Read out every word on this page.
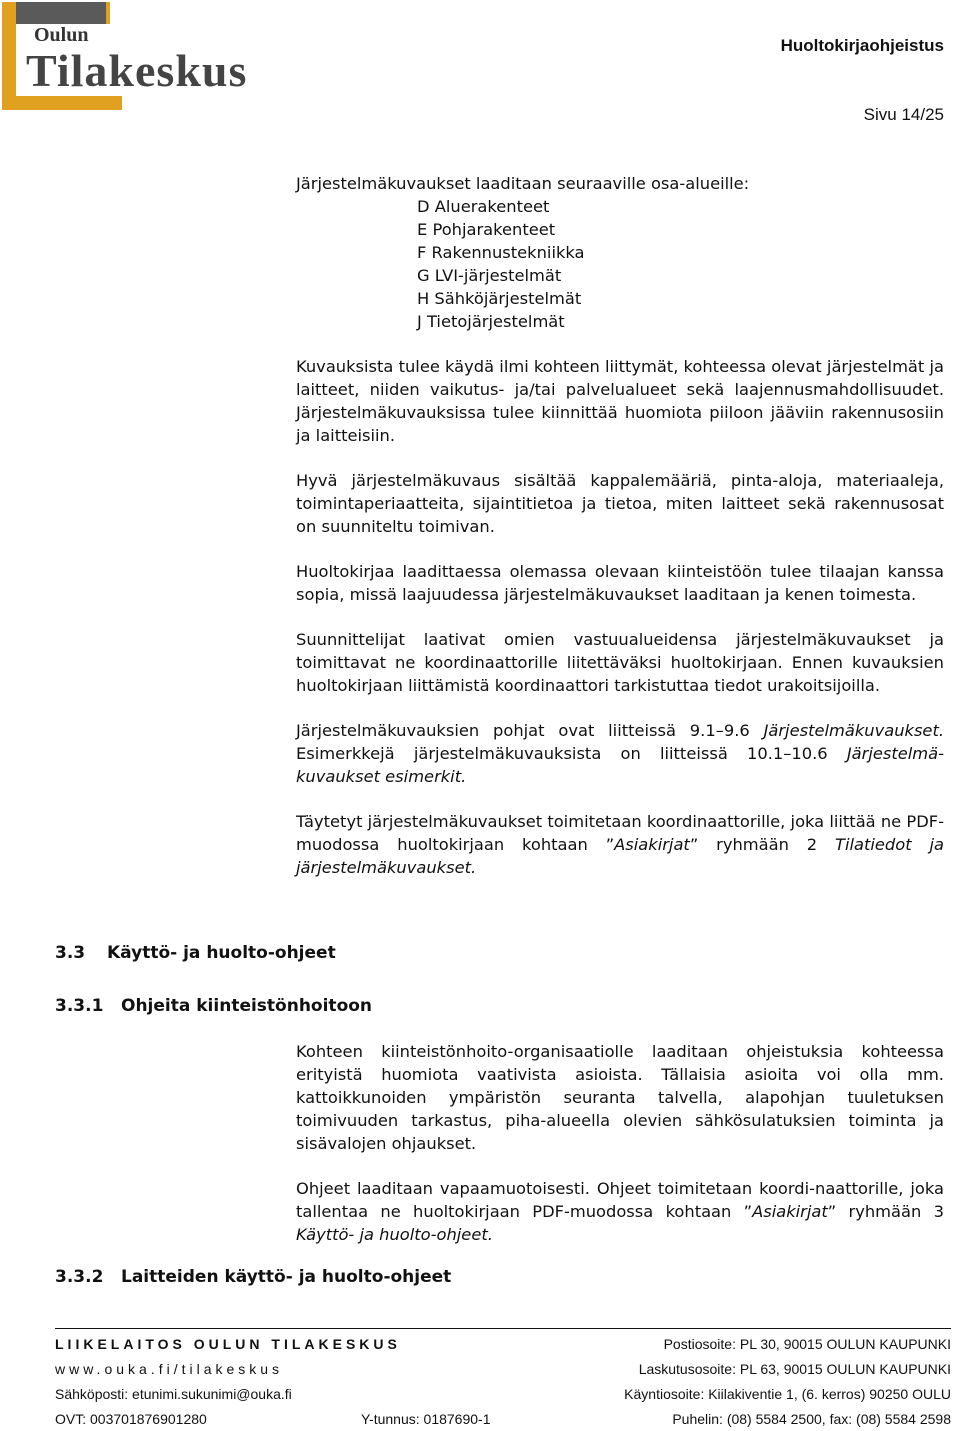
Oulun
Tilakeskus	Huoltokirjaohjeistus
Sivu 14/25

Järjestelmäkuvaukset laaditaan seuraaville osa-alueille:

D Aluerakenteet
E Pohjarakenteet
F Rakennustekniikka
G LVI-järjestelmät
H Sähköjärjestelmät
J Tietojärjestelmät

Kuvauksista tulee käydä ilmi kohteen liittymät, kohteessa olevat järjestelmät ja laitteet, niiden vaikutus- ja/tai palvelualueet sekä laajennusmahdollisuudet. Järjestelmäkuvauksissa tulee kiinnittää huomiota piiloon jääviin rakennusosiin ja laitteisiin.

Hyvä järjestelmäkuvaus sisältää kappalemääriä, pinta-aloja, materiaaleja, toimintaperiaatteita, sijaintitietoa ja tietoa, miten laitteet sekä rakennusosat on suunniteltu toimivan.

Huoltokirjaa laadittaessa olemassa olevaan kiinteistöön tulee tilaajan kanssa sopia, missä laajuudessa järjestelmäkuvaukset laaditaan ja kenen toimesta.

Suunnittelijat laativat omien vastuualueidensa järjestelmäkuvaukset ja toimittavat ne koordinaattorille liitettäväksi huoltokirjaan. Ennen kuvauksien huoltokirjaan liittämistä koordinaattori tarkistuttaa tiedot urakoitsijoilla.

Järjestelmäkuvauksien pohjat ovat liitteissä 9.1–9.6 Järjestelmäkuvaukset. Esimerkkejä järjestelmäkuvauksista on liitteissä 10.1–10.6 Järjestelmä-kuvaukset esimerkit.

Täytetyt järjestelmäkuvaukset toimitetaan koordinaattorille, joka liittää ne PDF-muodossa huoltokirjaan kohtaan ”Asiakirjat” ryhmään 2 Tilatiedot ja järjestelmäkuvaukset.

3.3 Käyttö- ja huolto-ohjeet
3.3.1 Ohjeita kiinteistönhoitoon

Kohteen kiinteistönhoito-organisaatiolle laaditaan ohjeistuksia kohteessa erityistä huomiota vaativista asioista. Tällaisia asioita voi olla mm. kattoikkunoiden ympäristön seuranta talvella, alapohjan tuuletuksen toimivuuden tarkastus, piha-alueella olevien sähkösulatuksien toiminta ja sisävalojen ohjaukset.

Ohjeet laaditaan vapaamuotoisesti. Ohjeet toimitetaan koordi-naattorille, joka tallentaa ne huoltokirjaan PDF-muodossa kohtaan ”Asiakirjat” ryhmään 3 Käyttö- ja huolto-ohjeet.

3.3.2 Laitteiden käyttö- ja huolto-ohjeet
LIIKELAITOS OULUN TILAKESKUS
www.ouka.fi/tilakeskus
Sähköposti: etunimi.sukunimi@ouka.fi
OVT: 003701876901280	Y-tunnus: 0187690-1
Postiosoite: PL 30, 90015 OULUN KAUPUNKI
Laskutusosoite: PL 63, 90015 OULUN KAUPUNKI
Käyntiosoite: Kiilakiventie 1, (6. kerros) 90250 OULU
Puhelin: (08) 5584 2500, fax: (08) 5584 2598
